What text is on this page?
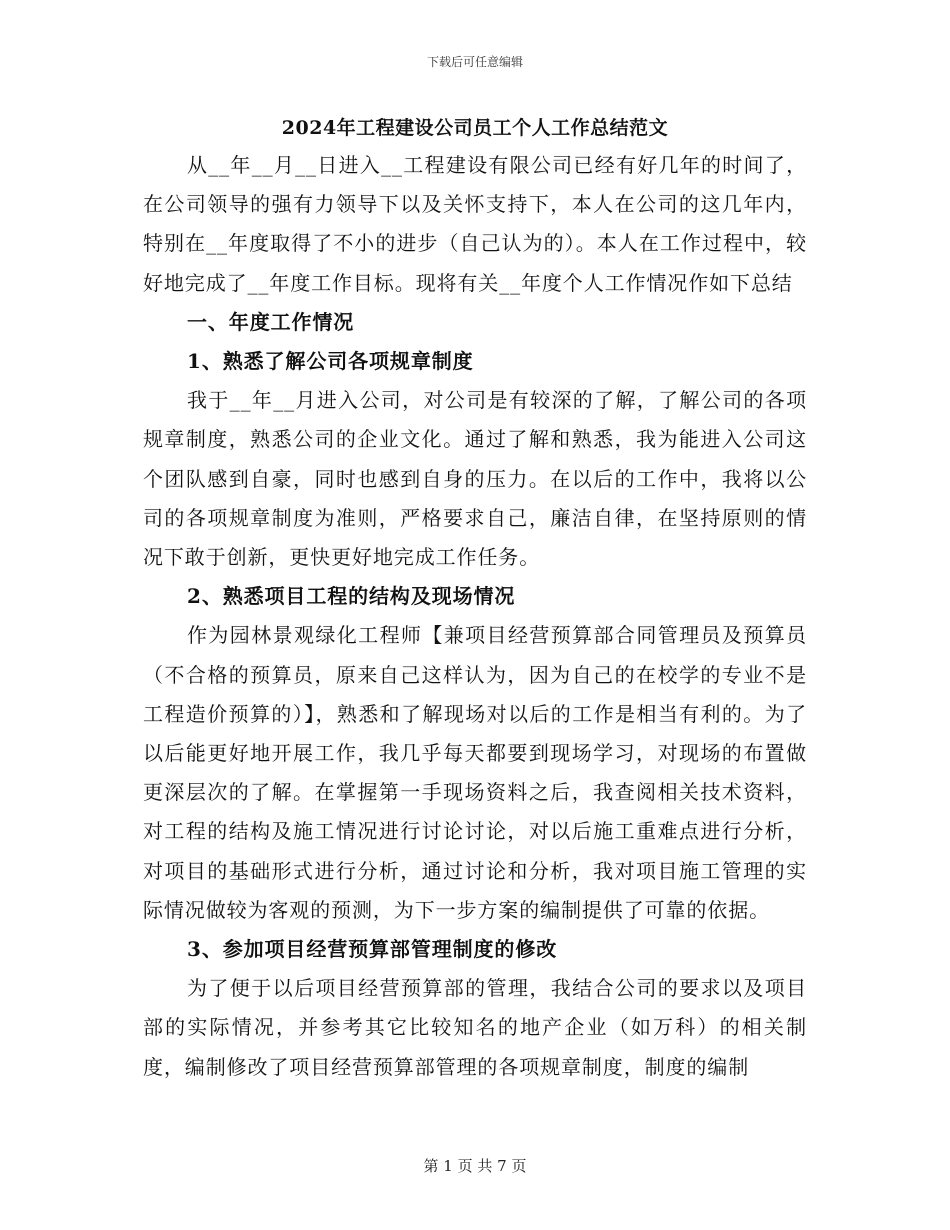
下载后可任意编辑
2024年工程建设公司员工个人工作总结范文

从__年__月__日进入__工程建设有限公司已经有好几年的时间了，在公司领导的强有力领导下以及关怀支持下，本人在公司的这几年内，特别在__年度取得了不小的进步（自己认为的）。本人在工作过程中，较好地完成了__年度工作目标。现将有关__年度个人工作情况作如下总结

一、年度工作情况

1、熟悉了解公司各项规章制度

我于__年__月进入公司，对公司是有较深的了解，了解公司的各项规章制度，熟悉公司的企业文化。通过了解和熟悉，我为能进入公司这个团队感到自豪，同时也感到自身的压力。在以后的工作中，我将以公司的各项规章制度为准则，严格要求自己，廉洁自律，在坚持原则的情况下敢于创新，更快更好地完成工作任务。

2、熟悉项目工程的结构及现场情况

作为园林景观绿化工程师【兼项目经营预算部合同管理员及预算员（不合格的预算员，原来自己这样认为，因为自己的在校学的专业不是工程造价预算的）】，熟悉和了解现场对以后的工作是相当有利的。为了以后能更好地开展工作，我几乎每天都要到现场学习，对现场的布置做更深层次的了解。在掌握第一手现场资料之后，我查阅相关技术资料，对工程的结构及施工情况进行讨论讨论，对以后施工重难点进行分析，对项目的基础形式进行分析，通过讨论和分析，我对项目施工管理的实际情况做较为客观的预测，为下一步方案的编制提供了可靠的依据。

3、参加项目经营预算部管理制度的修改

为了便于以后项目经营预算部的管理，我结合公司的要求以及项目部的实际情况，并参考其它比较知名的地产企业（如万科）的相关制度，编制修改了项目经营预算部管理的各项规章制度，制度的编制

第 1 页 共 7 页
